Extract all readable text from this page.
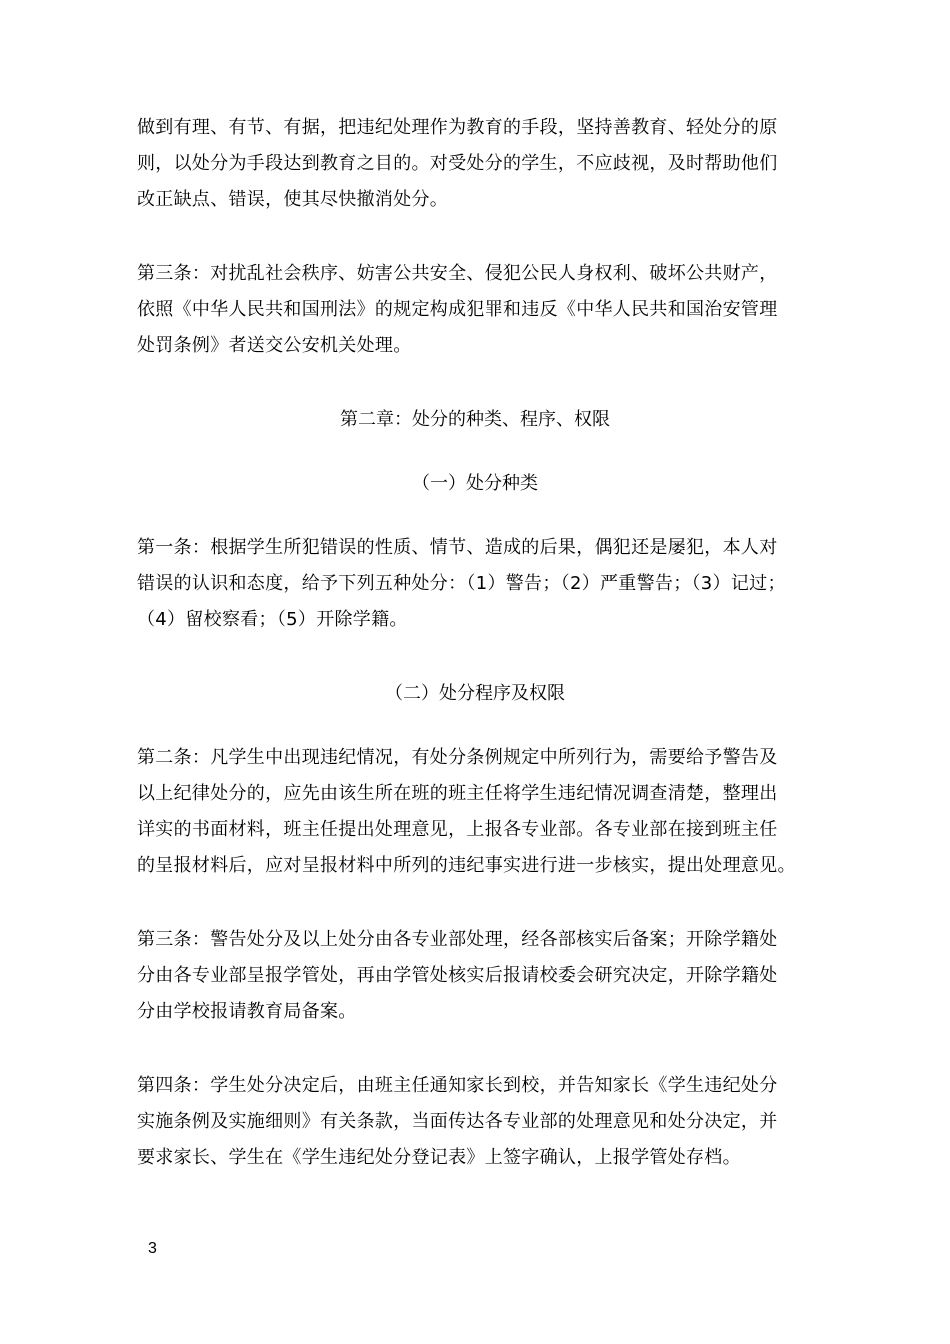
做到有理、有节、有据，把违纪处理作为教育的手段，坚持善教育、轻处分的原
则，以处分为手段达到教育之目的。对受处分的学生，不应歧视，及时帮助他们
改正缺点、错误，使其尽快撤消处分。
第三条：对扰乱社会秩序、妨害公共安全、侵犯公民人身权利、破坏公共财产，
依照《中华人民共和国刑法》的规定构成犯罪和违反《中华人民共和国治安管理
处罚条例》者送交公安机关处理。
第二章：处分的种类、程序、权限
（一）处分种类
第一条：根据学生所犯错误的性质、情节、造成的后果，偶犯还是屡犯，本人对
错误的认识和态度，给予下列五种处分：（1）警告；（2）严重警告；（3）记过；
（4）留校察看；（5）开除学籍。
（二）处分程序及权限
第二条：凡学生中出现违纪情况，有处分条例规定中所列行为，需要给予警告及
以上纪律处分的，应先由该生所在班的班主任将学生违纪情况调查清楚，整理出
详实的书面材料，班主任提出处理意见，上报各专业部。各专业部在接到班主任
的呈报材料后，应对呈报材料中所列的违纪事实进行进一步核实，提出处理意见。
第三条：警告处分及以上处分由各专业部处理，经各部核实后备案；开除学籍处
分由各专业部呈报学管处，再由学管处核实后报请校委会研究决定，开除学籍处
分由学校报请教育局备案。
第四条：学生处分决定后，由班主任通知家长到校，并告知家长《学生违纪处分
实施条例及实施细则》有关条款，当面传达各专业部的处理意见和处分决定，并
要求家长、学生在《学生违纪处分登记表》上签字确认，上报学管处存档。
3
